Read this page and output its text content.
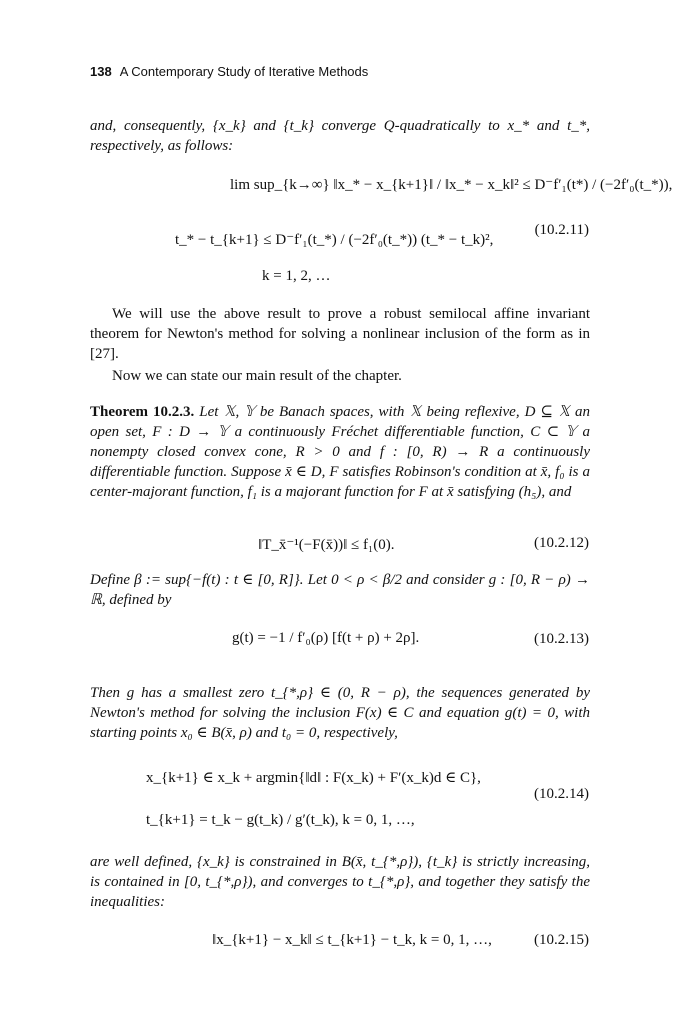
138 A Contemporary Study of Iterative Methods
and, consequently, {x_k} and {t_k} converge Q-quadratically to x_* and t_*, respectively, as follows:
lim sup_{k→∞} ‖x_* − x_{k+1}‖ / ‖x_* − x_k‖² ≤ D⁻f′₁(t*) / (−2f′₀(t_*)),
t_* − t_{k+1} ≤ D⁻f′₁(t_*) / (−2f′₀(t_*)) (t_* − t_k)²,
k = 1, 2, …
(10.2.11)
We will use the above result to prove a robust semilocal affine invariant theorem for Newton's method for solving a nonlinear inclusion of the form as in [27].
Now we can state our main result of the chapter.
Theorem 10.2.3. Let 𝕏, 𝕐 be Banach spaces, with 𝕏 being reflexive, D ⊆ 𝕏 an open set, F : D → 𝕐 a continuously Fréchet differentiable function, C ⊂ 𝕐 a nonempty closed convex cone, R > 0 and f : [0, R) → R a continuously differentiable function. Suppose x̄ ∈ D, F satisfies Robinson's condition at x̄, f₀ is a center-majorant function, f₁ is a majorant function for F at x̄ satisfying (h₅), and
‖T_x̄⁻¹(−F(x̄))‖ ≤ f₁(0).	(10.2.12)
Define β := sup{−f(t) : t ∈ [0, R]}. Let 0 < ρ < β/2 and consider g : [0, R − ρ) → ℝ, defined by
g(t) = −1 / f′₀(ρ) [f(t + ρ) + 2ρ].	(10.2.13)
Then g has a smallest zero t_{*,ρ} ∈ (0, R − ρ), the sequences generated by Newton's method for solving the inclusion F(x) ∈ C and equation g(t) = 0, with starting points x₀ ∈ B(x̄, ρ) and t₀ = 0, respectively,
x_{k+1} ∈ x_k + argmin{‖d‖ : F(x_k) + F′(x_k)d ∈ C},
t_{k+1} = t_k − g(t_k) / g′(t_k), k = 0, 1, …,
(10.2.14)
are well defined, {x_k} is constrained in B(x̄, t_{*,ρ}), {t_k} is strictly increasing, is contained in [0, t_{*,ρ}), and converges to t_{*,ρ}, and together they satisfy the inequalities:
‖x_{k+1} − x_k‖ ≤ t_{k+1} − t_k, k = 0, 1, …,	(10.2.15)
